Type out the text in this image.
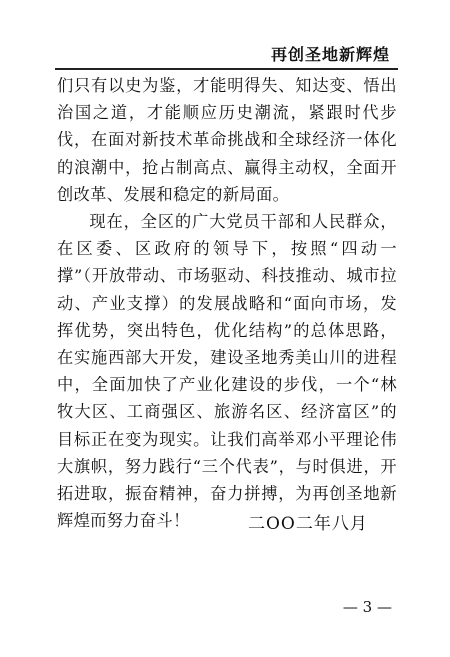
再创圣地新辉煌

们只有以史为鉴，才能明得失、知达变、悟出治国之道，才能顺应历史潮流，紧跟时代步伐，在面对新技术革命挑战和全球经济一体化的浪潮中，抢占制高点、赢得主动权，全面开创改革、发展和稳定的新局面。

现在，全区的广大党员干部和人民群众，在区委、区政府的领导下，按照“四动一撑”（开放带动、市场驱动、科技推动、城市拉动、产业支撑）的发展战略和“面向市场，发挥优势，突出特色，优化结构”的总体思路，在实施西部大开发，建设圣地秀美山川的进程中，全面加快了产业化建设的步伐，一个“林牧大区、工商强区、旅游名区、经济富区”的目标正在变为现实。让我们高举邓小平理论伟大旗帜，努力践行“三个代表”，与时俱进，开拓进取，振奋精神，奋力拼搏，为再创圣地新辉煌而努力奋斗！	二OO二年八月
— 3 —
